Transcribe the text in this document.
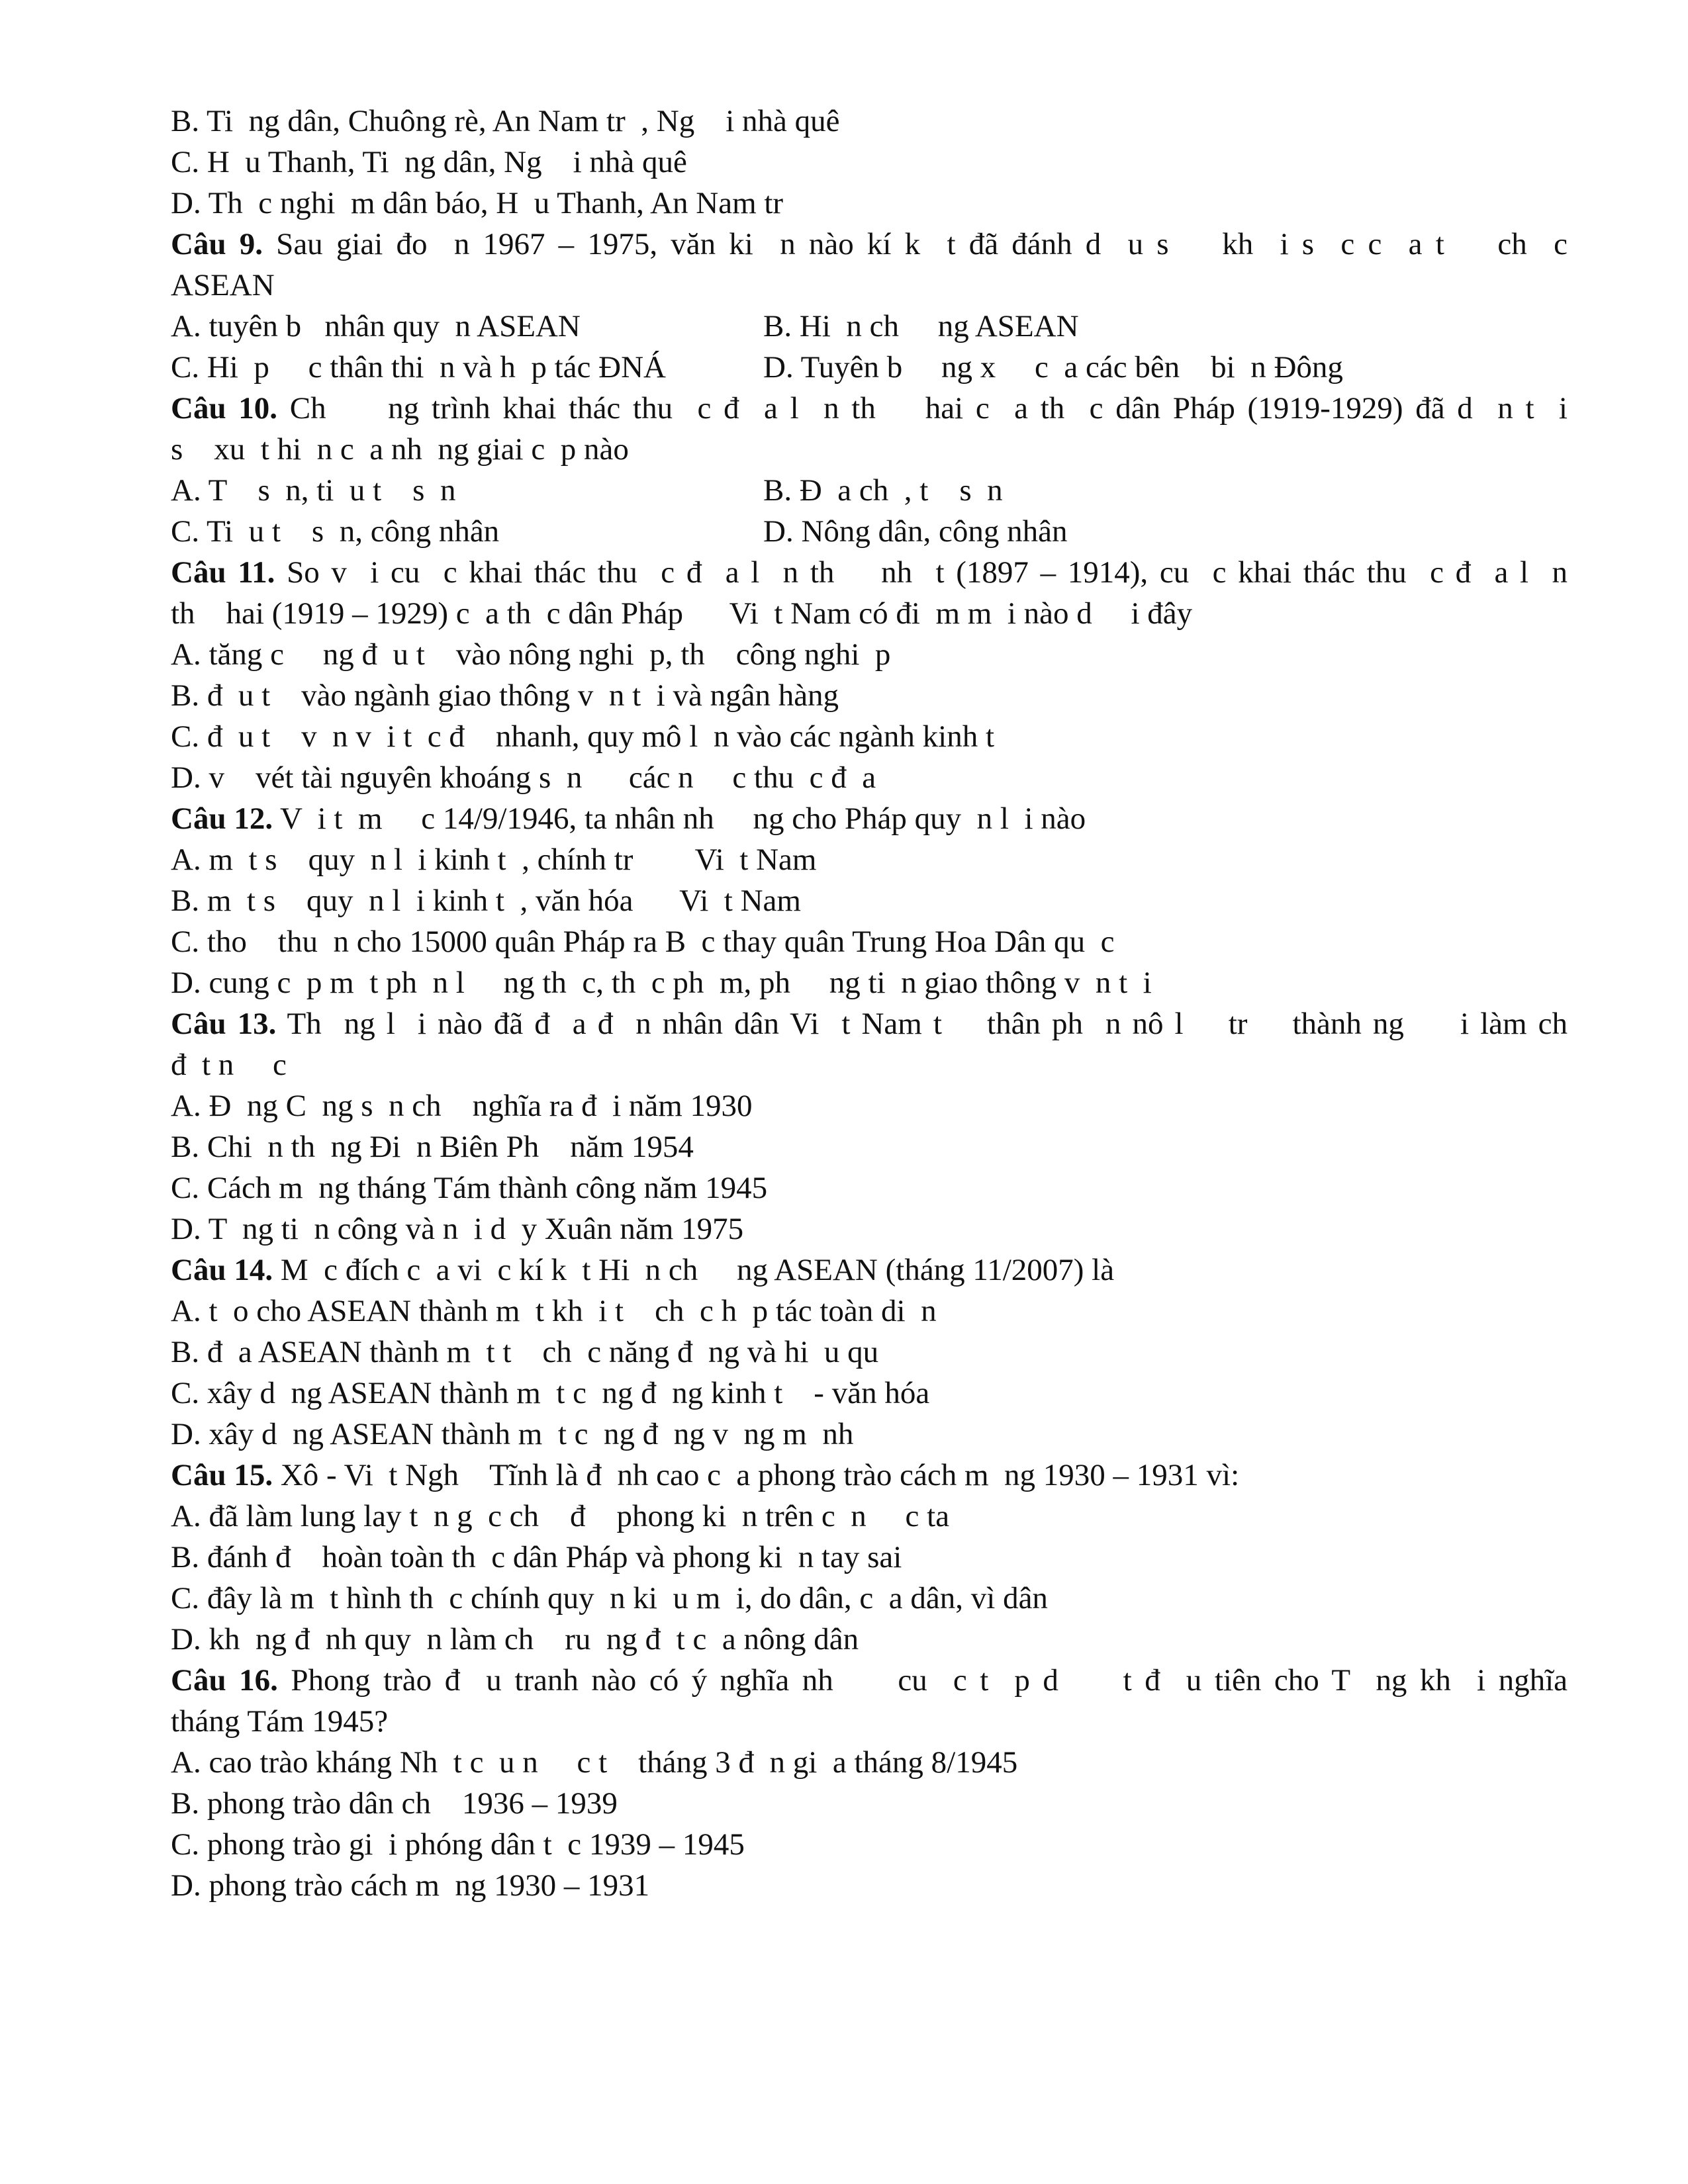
B. Ti  ng dân, Chuông rè, An Nam tr  , Ng    i nhà quê
C. H  u Thanh, Ti  ng dân, Ng    i nhà quê
D. Th  c nghi  m dân báo, H  u Thanh, An Nam tr
Câu 9. Sau giai đo  n 1967 – 1975, văn ki  n nào kí k  t đã đánh d  u s    kh  i s  c c  a t    ch  c
ASEAN
A. tuyên b   nhân quy  n ASEAN	B. Hi  n ch     ng ASEAN
C. Hi  p     c thân thi  n và h  p tác ĐNÁ	D. Tuyên b     ng x     c  a các bên    bi  n Đông
Câu 10. Ch     ng trình khai thác thu  c đ  a l  n th    hai c  a th  c dân Pháp (1919-1929) đã d  n t  i
s    xu  t hi  n c  a nh  ng giai c  p nào
A. T    s  n, ti  u t    s  n	B. Đ  a ch  , t    s  n
C. Ti  u t    s  n, công nhân	D. Nông dân, công nhân
Câu 11. So v  i cu  c khai thác thu  c đ  a l  n th    nh  t (1897 – 1914), cu  c khai thác thu  c đ  a l  n
th    hai (1919 – 1929) c  a th  c dân Pháp      Vi  t Nam có đi  m m  i nào d     i đây
A. tăng c     ng đ  u t    vào nông nghi  p, th    công nghi  p
B. đ  u t    vào ngành giao thông v  n t  i và ngân hàng
C. đ  u t    v  n v  i t  c đ    nhanh, quy mô l  n vào các ngành kinh t
D. v    vét tài nguyên khoáng s  n      các n     c thu  c đ  a
Câu 12. V  i t  m     c 14/9/1946, ta nhân nh     ng cho Pháp quy  n l  i nào
A. m  t s    quy  n l  i kinh t  , chính tr        Vi  t Nam
B. m  t s    quy  n l  i kinh t  , văn hóa      Vi  t Nam
C. tho    thu  n cho 15000 quân Pháp ra B  c thay quân Trung Hoa Dân qu  c
D. cung c  p m  t ph  n l     ng th  c, th  c ph  m, ph     ng ti  n giao thông v  n t  i
Câu 13. Th  ng l  i nào đã đ  a đ  n nhân dân Vi  t Nam t    thân ph  n nô l    tr    thành ng     i làm ch
đ  t n     c
A. Đ  ng C  ng s  n ch    nghĩa ra đ  i năm 1930
B. Chi  n th  ng Đi  n Biên Ph    năm 1954
C. Cách m  ng tháng Tám thành công năm 1945
D. T  ng ti  n công và n  i d  y Xuân năm 1975
Câu 14. M  c đích c  a vi  c kí k  t Hi  n ch     ng ASEAN (tháng 11/2007) là
A. t  o cho ASEAN thành m  t kh  i t    ch  c h  p tác toàn di  n
B. đ  a ASEAN thành m  t t    ch  c năng đ  ng và hi  u qu
C. xây d  ng ASEAN thành m  t c  ng đ  ng kinh t    - văn hóa
D. xây d  ng ASEAN thành m  t c  ng đ  ng v  ng m  nh
Câu 15. Xô - Vi  t Ngh    Tĩnh là đ  nh cao c  a phong trào cách m  ng 1930 – 1931 vì:
A. đã làm lung lay t  n g  c ch    đ    phong ki  n trên c  n     c ta
B. đánh đ    hoàn toàn th  c dân Pháp và phong ki  n tay sai
C. đây là m  t hình th  c chính quy  n ki  u m  i, do dân, c  a dân, vì dân
D. kh  ng đ  nh quy  n làm ch    ru  ng đ  t c  a nông dân
Câu 16. Phong trào đ  u tranh nào có ý nghĩa nh     cu  c t  p d     t đ  u tiên cho T  ng kh  i nghĩa
tháng Tám 1945?
A. cao trào kháng Nh  t c  u n     c t    tháng 3 đ  n gi  a tháng 8/1945
B. phong trào dân ch    1936 – 1939
C. phong trào gi  i phóng dân t  c 1939 – 1945
D. phong trào cách m  ng 1930 – 1931
